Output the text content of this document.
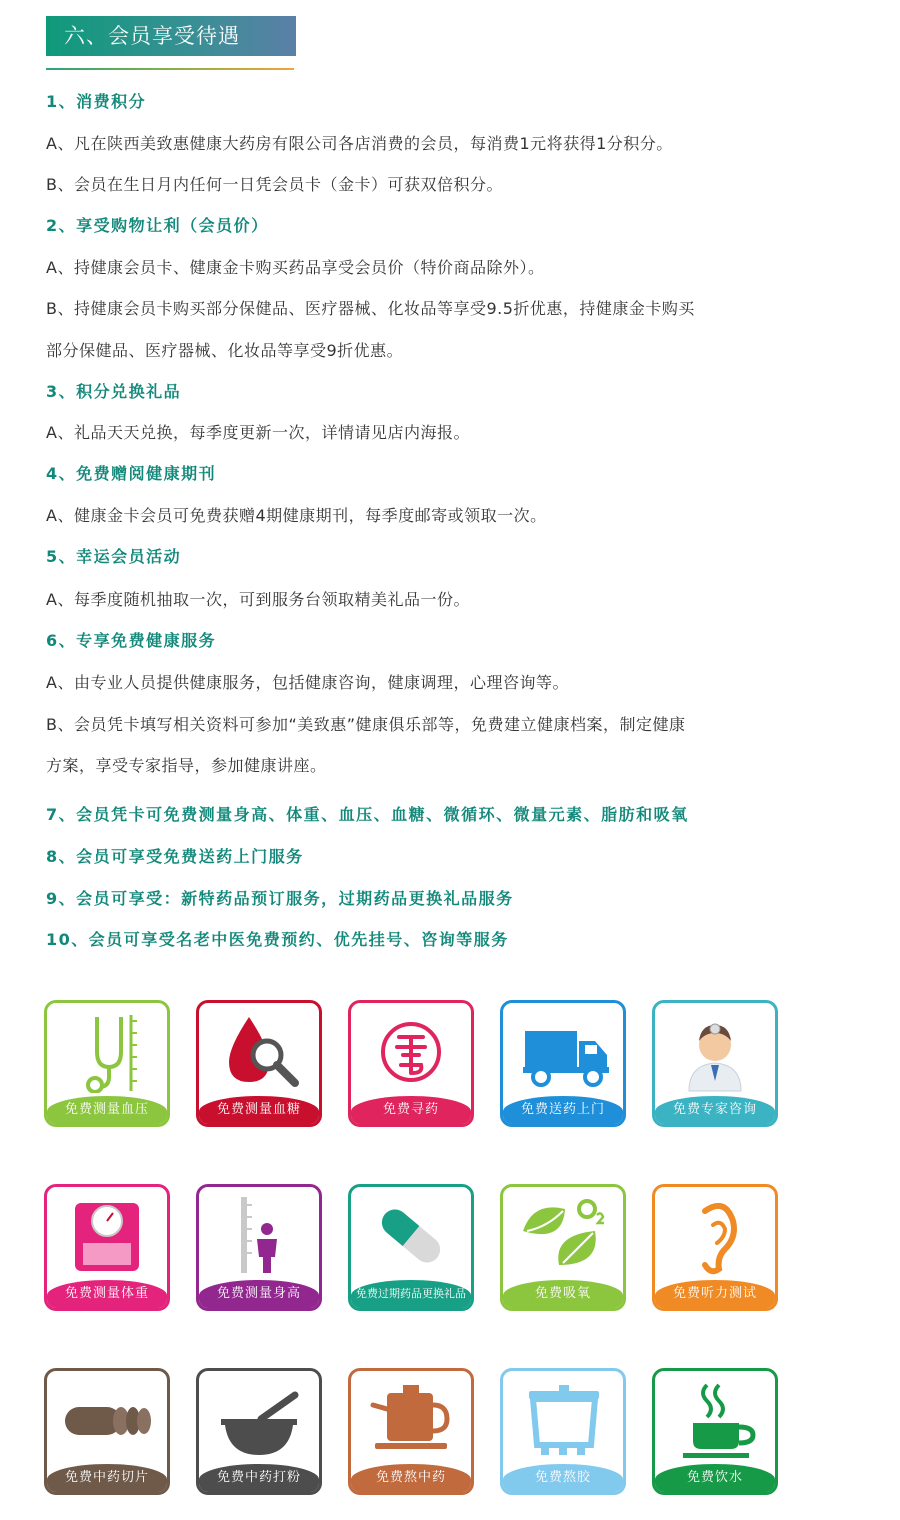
六、会员享受待遇
1、消费积分
A、凡在陕西美致惠健康大药房有限公司各店消费的会员，每消费1元将获得1分积分。
B、会员在生日月内任何一日凭会员卡（金卡）可获双倍积分。
2、享受购物让利（会员价）
A、持健康会员卡、健康金卡购买药品享受会员价（特价商品除外）。
B、持健康会员卡购买部分保健品、医疗器械、化妆品等享受9.5折优惠，持健康金卡购买
部分保健品、医疗器械、化妆品等享受9折优惠。
3、积分兑换礼品
A、礼品天天兑换，每季度更新一次，详情请见店内海报。
4、免费赠阅健康期刊
A、健康金卡会员可免费获赠4期健康期刊，每季度邮寄或领取一次。
5、幸运会员活动
A、每季度随机抽取一次，可到服务台领取精美礼品一份。
6、专享免费健康服务
A、由专业人员提供健康服务，包括健康咨询，健康调理，心理咨询等。
B、会员凭卡填写相关资料可参加“美致惠”健康俱乐部等，免费建立健康档案，制定健康
方案，享受专家指导，参加健康讲座。
7、会员凭卡可免费测量身高、体重、血压、血糖、微循环、微量元素、脂肪和吸氧
8、会员可享受免费送药上门服务
9、会员可享受：新特药品预订服务，过期药品更换礼品服务
10、会员可享受名老中医免费预约、优先挂号、咨询等服务
免费测量血压	免费测量血糖	免费寻药	免费送药上门	免费专家咨询
免费测量体重	免费测量身高	免费过期药品更换礼品	免费吸氧	免费听力测试
免费中药切片	免费中药打粉	免费熬中药	免费熬胶	免费饮水
